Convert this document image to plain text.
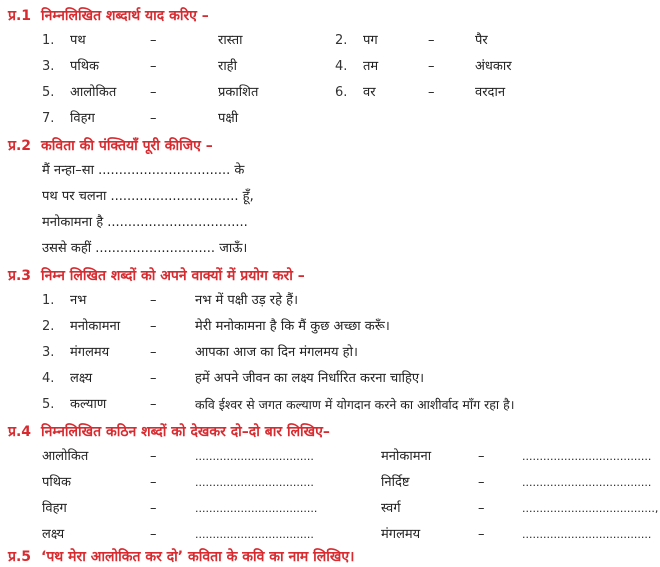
प्र.1 निम्नलिखित शब्दार्थ याद करिए –
1. पथ	–	रास्ता	2. पग	–	पैर
3. पथिक	–	राही	4. तम	–	अंधकार
5. आलोकित	–	प्रकाशित	6. वर	–	वरदान
7. विहग	–	पक्षी
प्र.2 कविता की पंक्तियाँ पूरी कीजिए –
मैं नन्हा–सा ................................ के
पथ पर चलना ............................... हूँ,
मनोकामना है ..................................
उससे कहीं ............................. जाऊँ।
प्र.3 निम्न लिखित शब्दों को अपने वाक्यों में प्रयोग करो –
1. नभ	–	नभ में पक्षी उड़ रहे हैं।
2. मनोकामना –	मेरी मनोकामना है कि मैं कुछ अच्छा करूँ।
3. मंगलमय	–	आपका आज का दिन मंगलमय हो।
4. लक्ष्य	–	हमें अपने जीवन का लक्ष्य निर्धारित करना चाहिए।
5. कल्याण	–	कवि ईश्वर से जगत कल्याण में योगदान करने का आशीर्वाद माँग रहा है।
प्र.4 निम्नलिखित कठिन शब्दों को देखकर दो–दो बार लिखिए–
आलोकित	–	..................................	मनोकामना	–	.....................................
पथिक	–	..................................	निर्दिष्ट	–	.....................................
विहग	–	...................................	स्वर्ग	–	......................................,
लक्ष्य	–	..................................	मंगलमय	–	.....................................
प्र.5 ‘पथ मेरा आलोकित कर दो’ कविता के कवि का नाम लिखिए।
